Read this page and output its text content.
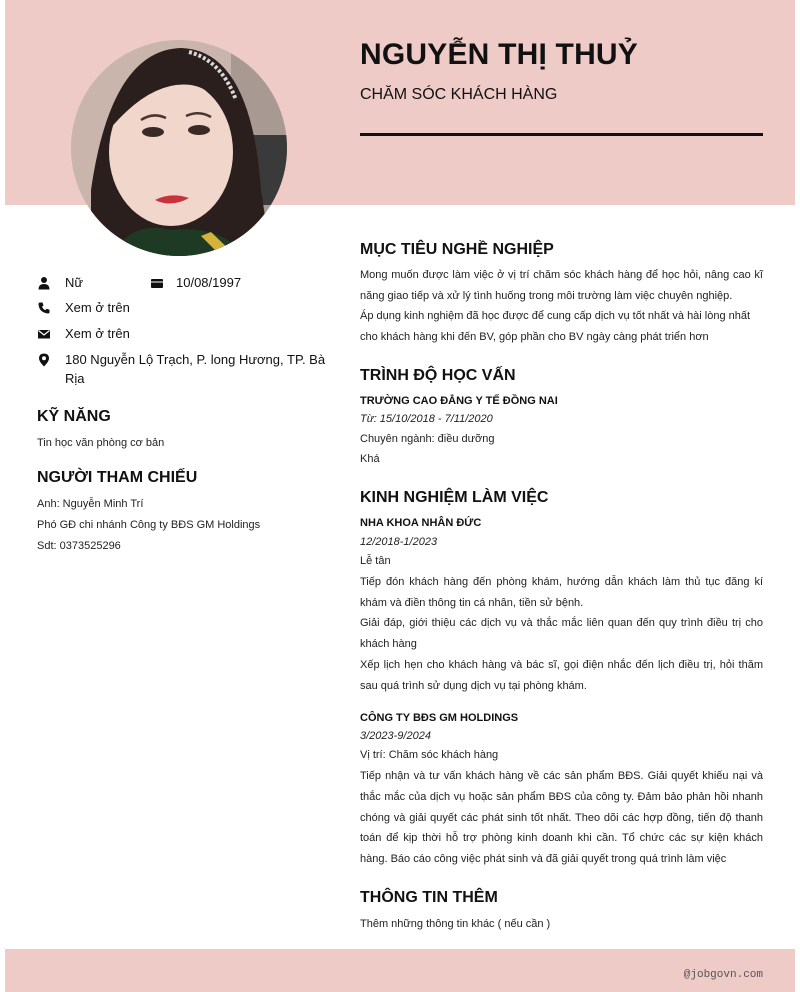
NGUYỄN THỊ THUỶ
CHĂM SÓC KHÁCH HÀNG
Nữ	10/08/1997
Xem ở trên
Xem ở trên
180 Nguyễn Lộ Trạch, P. long Hương, TP. Bà
Rịa
KỸ NĂNG
Tin học văn phòng cơ bản
NGƯỜI THAM CHIẾU
Anh: Nguyễn Minh Trí
Phó GĐ chi nhánh Công ty BĐS GM Holdings
Sdt: 0373525296
MỤC TIÊU NGHỀ NGHIỆP
Mong muốn được làm việc ở vị trí chăm sóc khách hàng để học hỏi, nâng cao kĩ năng giao tiếp và xử lý tình huống trong môi trường làm việc chuyên nghiệp.
Áp dụng kinh nghiệm đã học được để cung cấp dịch vụ tốt nhất và hài lòng nhất cho khách hàng khi đến BV, góp phần cho BV ngày càng phát triển hơn
TRÌNH ĐỘ HỌC VẤN
TRƯỜNG CAO ĐẲNG Y TẾ ĐỒNG NAI
Từ: 15/10/2018 - 7/11/2020
Chuyên ngành: điều dưỡng
Khá
KINH NGHIỆM LÀM VIỆC
NHA KHOA NHÂN ĐỨC
12/2018-1/2023
Lễ tân
Tiếp đón khách hàng đến phòng khám, hướng dẫn khách làm thủ tục đăng kí khám và điền thông tin cá nhân, tiền sử bệnh.
Giải đáp, giới thiệu các dịch vụ và thắc mắc liên quan đến quy trình điều trị cho khách hàng
Xếp lịch hẹn cho khách hàng và bác sĩ, gọi điện nhắc đến lịch điều trị, hỏi thăm sau quá trình sử dụng dịch vụ tại phòng khám.
CÔNG TY BĐS GM HOLDINGS
3/2023-9/2024
Vị trí: Chăm sóc khách hàng
Tiếp nhận và tư vấn khách hàng về các sản phẩm BĐS. Giải quyết khiếu nại và thắc mắc của dịch vụ hoặc sản phẩm BĐS của công ty. Đảm bảo phản hồi nhanh chóng và giải quyết các phát sinh tốt nhất. Theo dõi các hợp đồng, tiến độ thanh toán để kịp thời hỗ trợ phòng kinh doanh khi cần. Tổ chức các sự kiện khách hàng. Báo cáo công việc phát sinh và đã giải quyết trong quá trình làm việc
THÔNG TIN THÊM
Thêm những thông tin khác ( nếu cần )
@jobgovn.com
